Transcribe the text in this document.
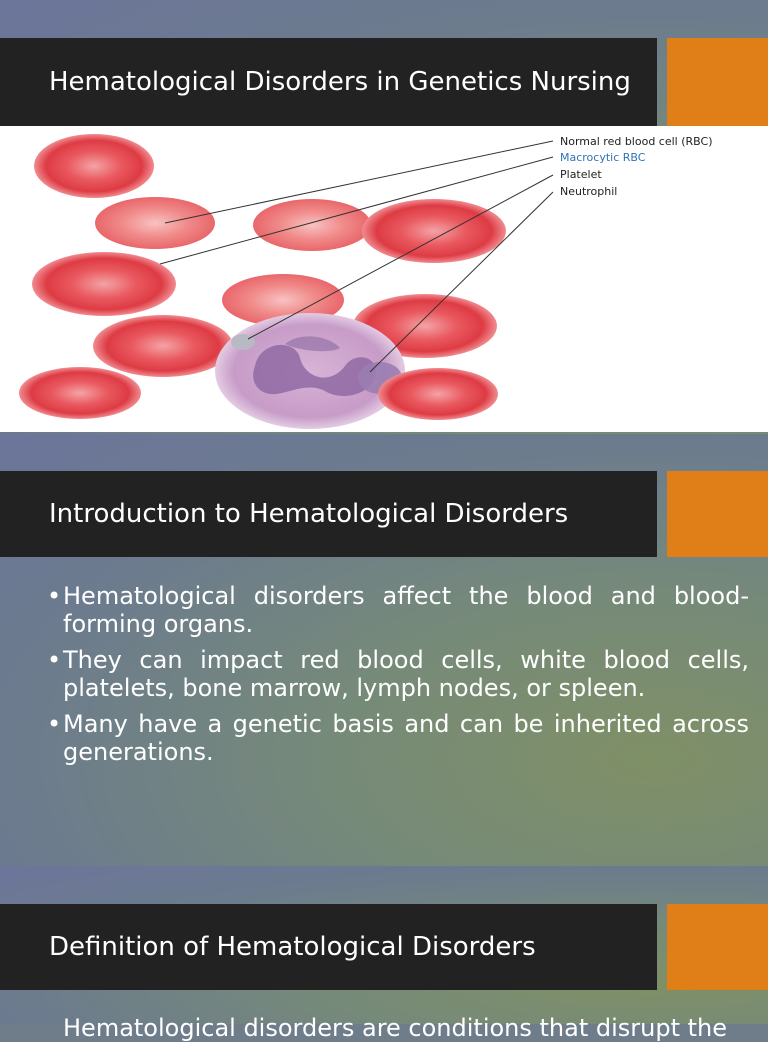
Hematological Disorders in Genetics Nursing
Normal red blood cell (RBC)
Macrocytic RBC
Platelet
Neutrophil
Introduction to Hematological Disorders
• Hematological disorders affect the blood and blood-forming organs.
• They can impact red blood cells, white blood cells, platelets, bone marrow, lymph nodes, or spleen.
• Many have a genetic basis and can be inherited across generations.
Definition of Hematological Disorders
Hematological disorders are conditions that disrupt the
